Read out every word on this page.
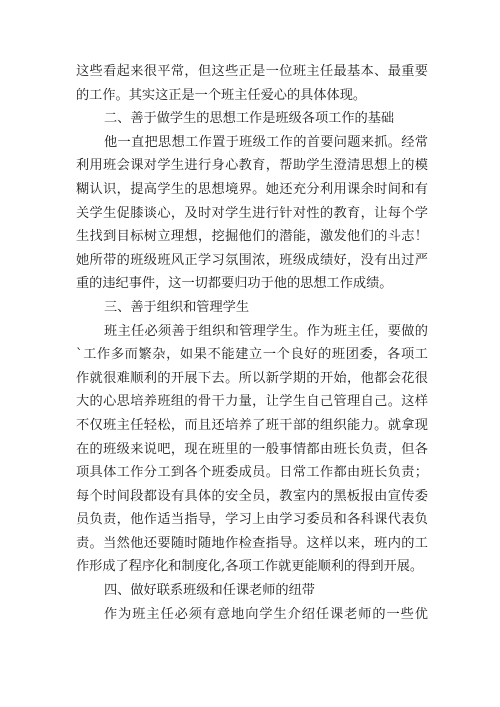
这些看起来很平常，但这些正是一位班主任最基本、最重要
的工作。其实这正是一个班主任爱心的具体体现。
二、善于做学生的思想工作是班级各项工作的基础
他一直把思想工作置于班级工作的首要问题来抓。经常
利用班会课对学生进行身心教育，帮助学生澄清思想上的模
糊认识，提高学生的思想境界。她还充分利用课余时间和有
关学生促膝谈心，及时对学生进行针对性的教育，让每个学
生找到目标树立理想，挖掘他们的潜能，激发他们的斗志！
她所带的班级班风正学习氛围浓，班级成绩好，没有出过严
重的违纪事件，这一切都要归功于他的思想工作成绩。
三、善于组织和管理学生
班主任必须善于组织和管理学生。作为班主任，要做的
`工作多而繁杂，如果不能建立一个良好的班团委，各项工
作就很难顺利的开展下去。所以新学期的开始，他都会花很
大的心思培养班组的骨干力量，让学生自己管理自己。这样
不仅班主任轻松，而且还培养了班干部的组织能力。就拿现
在的班级来说吧，现在班里的一般事情都由班长负责，但各
项具体工作分工到各个班委成员。日常工作都由班长负责；
每个时间段都设有具体的安全员，教室内的黑板报由宣传委
员负责，他作适当指导，学习上由学习委员和各科课代表负
责。当然他还要随时随地作检查指导。这样以来，班内的工
作形成了程序化和制度化,各项工作就更能顺利的得到开展。
四、做好联系班级和任课老师的纽带
作为班主任必须有意地向学生介绍任课老师的一些优
